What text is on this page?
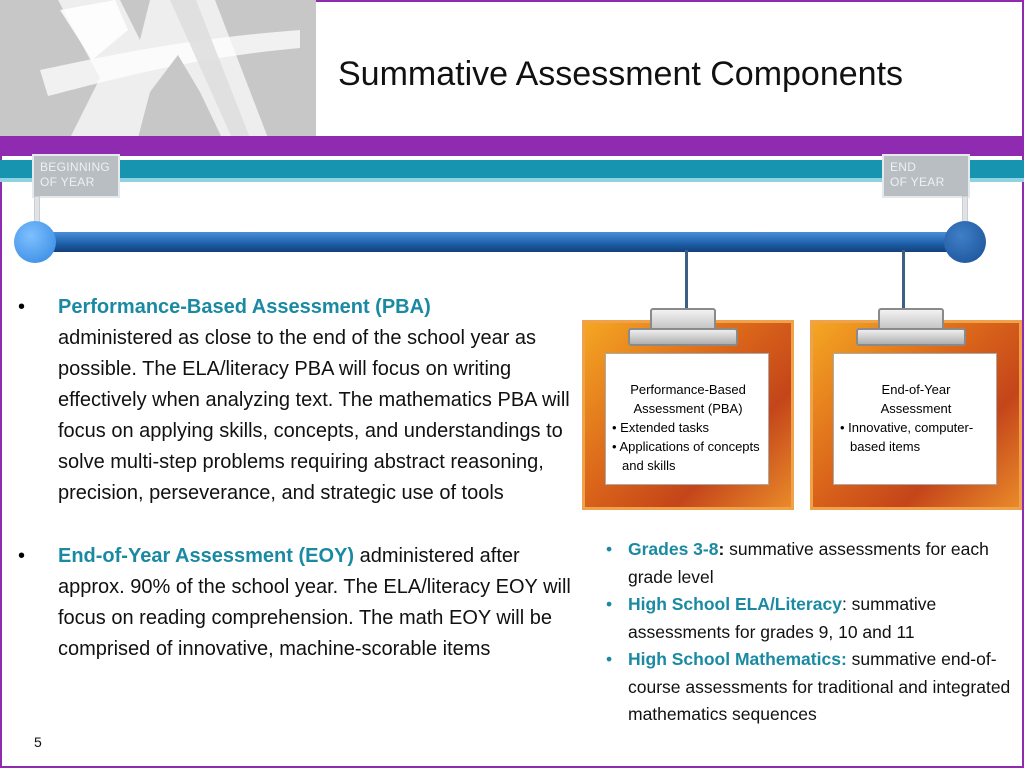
Summative Assessment Components
BEGINNING
OF YEAR
END
OF YEAR
Performance-Based
Assessment (PBA)
• Extended tasks
• Applications of concepts and skills
End-of-Year
Assessment
• Innovative, computer-based items
• Performance-Based Assessment (PBA)
administered as close to the end of the school year as possible. The ELA/literacy PBA will focus on writing effectively when analyzing text. The mathematics PBA will focus on applying skills, concepts, and understandings to solve multi-step problems requiring abstract reasoning, precision, perseverance, and strategic use of tools
• End-of-Year Assessment (EOY) administered after approx. 90% of the school year. The ELA/literacy EOY will focus on reading comprehension. The math EOY will be comprised of innovative, machine-scorable items
• Grades 3-8: summative assessments for each grade level
• High School ELA/Literacy: summative assessments for grades 9, 10 and 11
• High School Mathematics: summative end-of-course assessments for traditional and integrated mathematics sequences
5
